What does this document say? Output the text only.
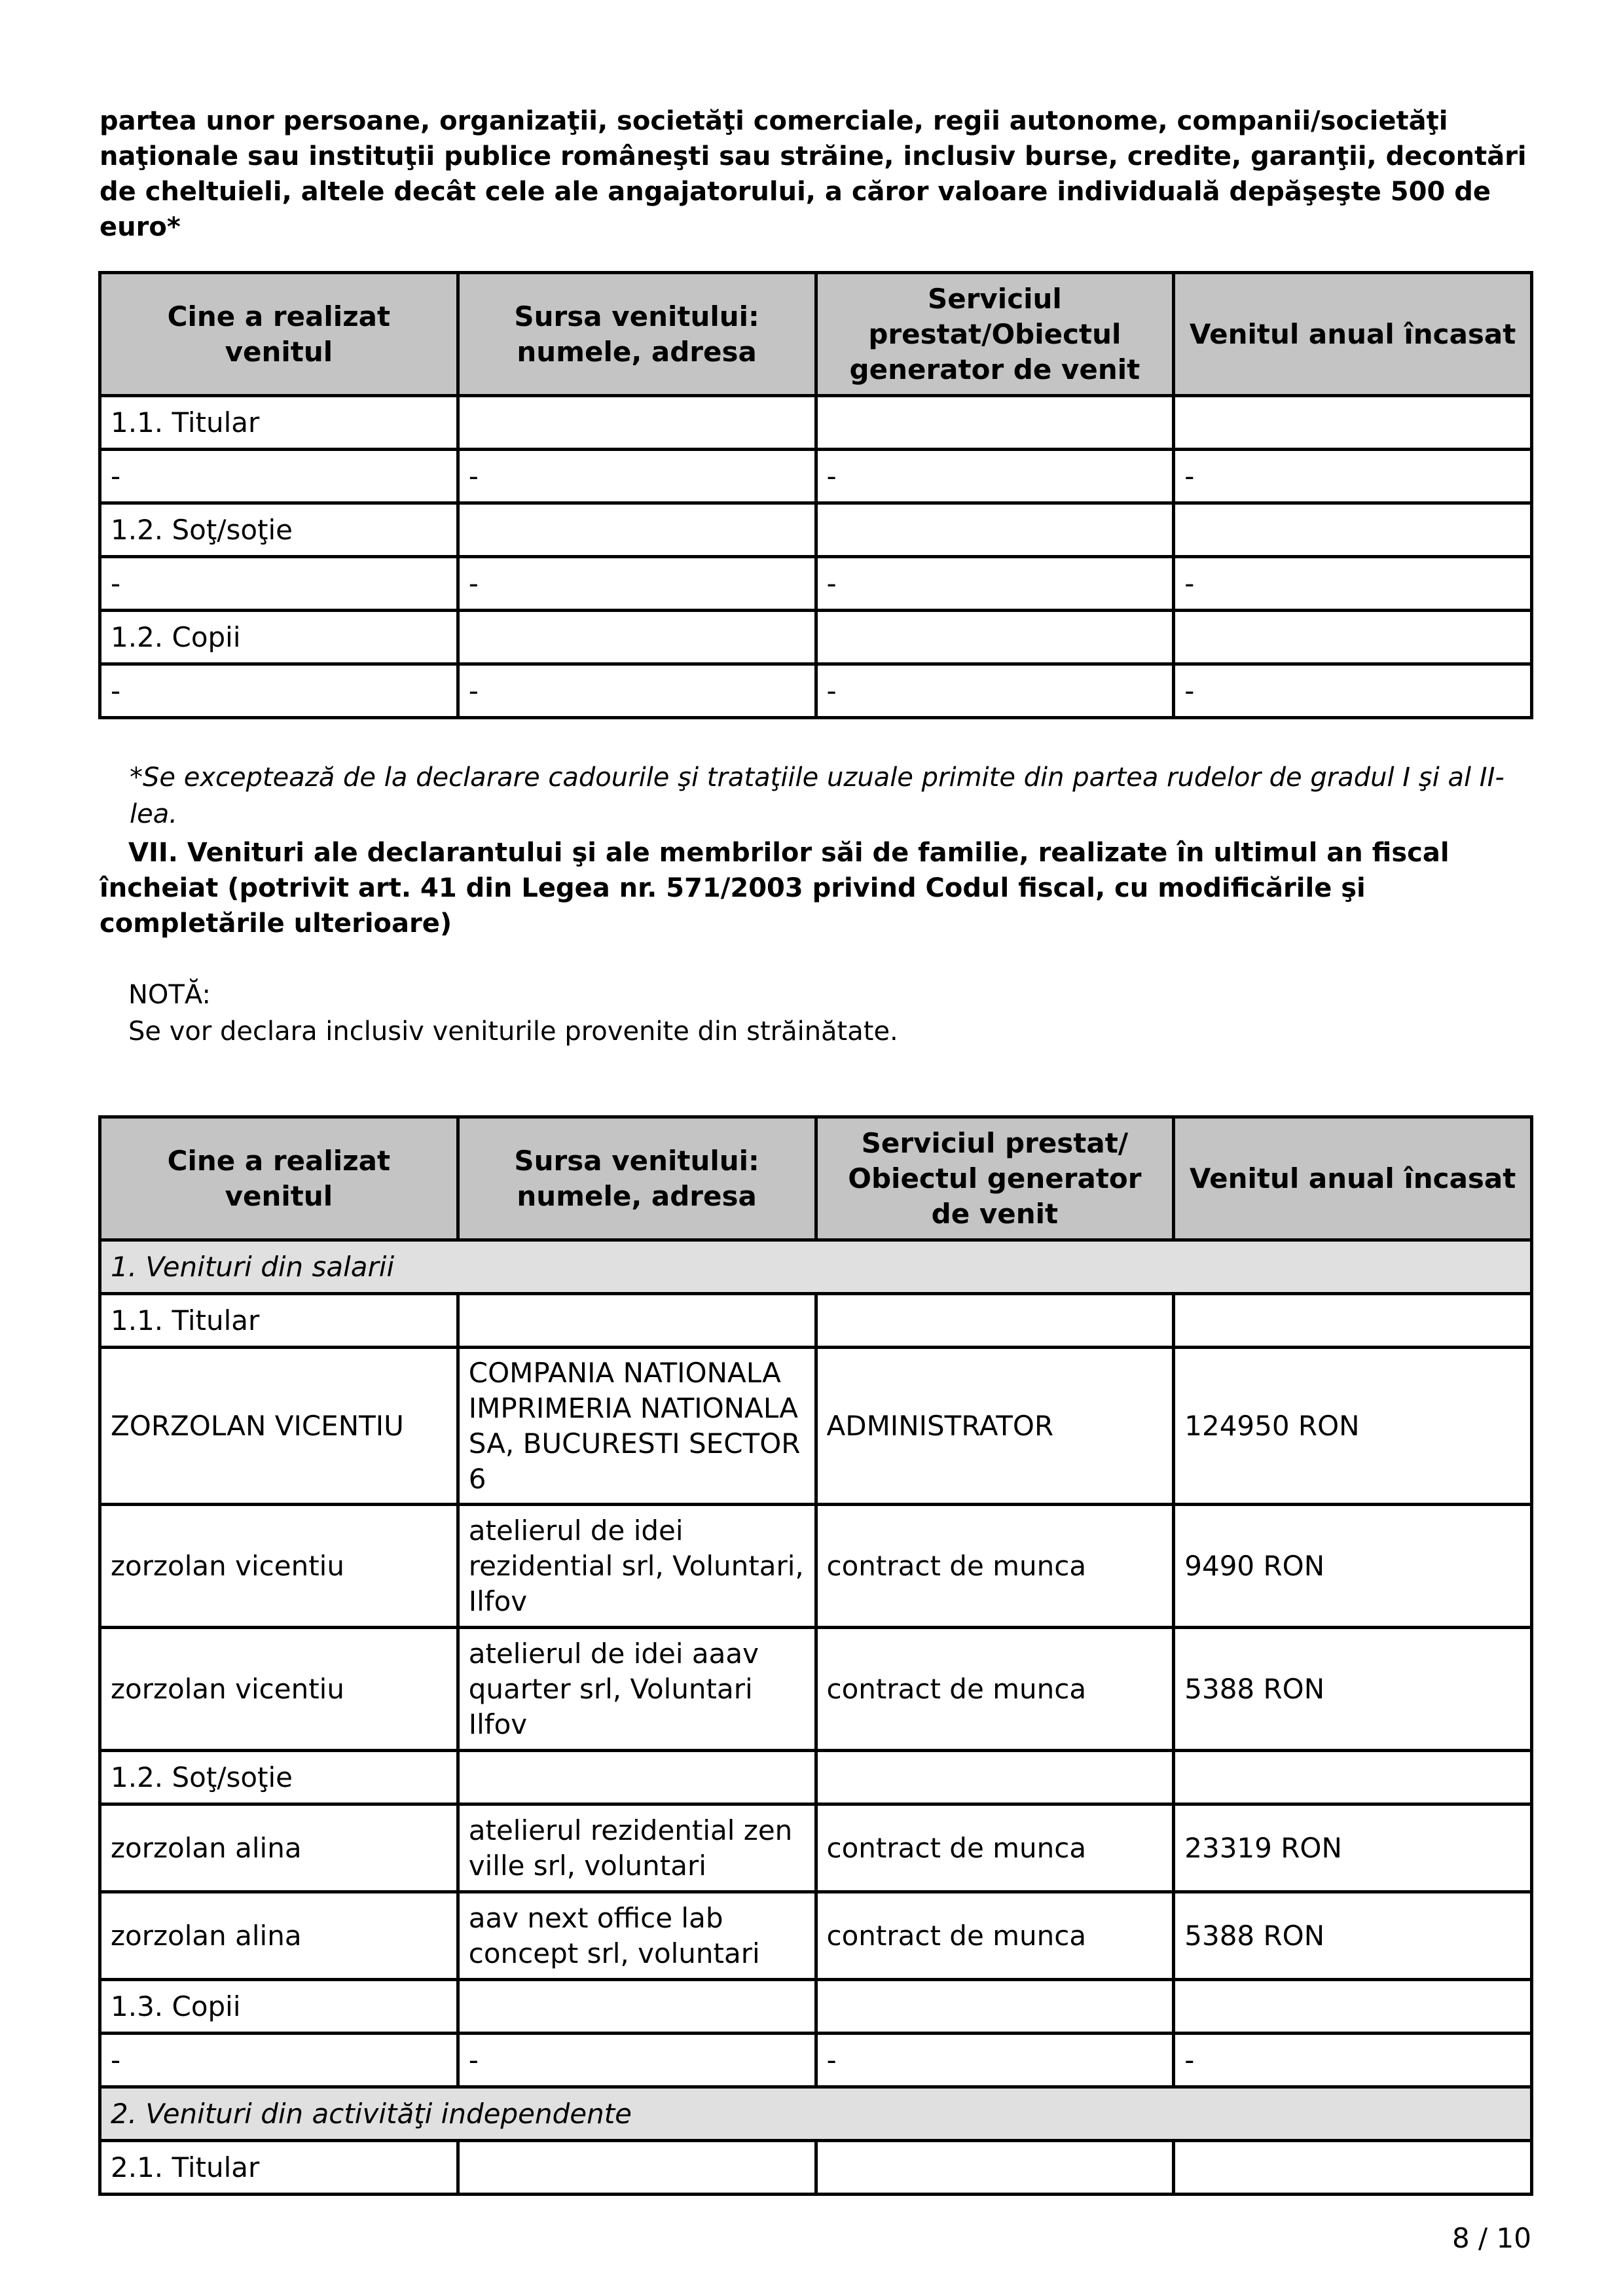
partea unor persoane, organizaţii, societăţi comerciale, regii autonome, companii/societăţi naţionale sau instituţii publice româneşti sau străine, inclusiv burse, credite, garanţii, decontări de cheltuieli, altele decât cele ale angajatorului, a căror valoare individuală depăşeşte 500 de euro*

Cine a realizat venitul	Sursa venitului: numele, adresa	Serviciul prestat/Obiectul generator de venit	Venitul anual încasat
1.1. Titular			
-	-	-	-
1.2. Soţ/soţie			
-	-	-	-
1.2. Copii			
-	-	-	-

*Se exceptează de la declarare cadourile şi trataţiile uzuale primite din partea rudelor de gradul I şi al II-lea.

VII. Venituri ale declarantului şi ale membrilor săi de familie, realizate în ultimul an fiscal încheiat (potrivit art. 41 din Legea nr. 571/2003 privind Codul fiscal, cu modificările şi completările ulterioare)

NOTĂ:

Se vor declara inclusiv veniturile provenite din străinătate.

Cine a realizat venitul	Sursa venitului: numele, adresa	Serviciul prestat/ Obiectul generator de venit	Venitul anual încasat
1. Venituri din salarii			
1.1. Titular			
ZORZOLAN VICENTIU	COMPANIA NATIONALA IMPRIMERIA NATIONALA SA, BUCURESTI SECTOR 6	ADMINISTRATOR	124950 RON
zorzolan vicentiu	atelierul de idei rezidential srl, Voluntari, Ilfov	contract de munca	9490 RON
zorzolan vicentiu	atelierul de idei aaav quarter srl, Voluntari Ilfov	contract de munca	5388 RON
1.2. Soţ/soţie			
zorzolan alina	atelierul rezidential zen ville srl, voluntari	contract de munca	23319 RON
zorzolan alina	aav next office lab concept srl, voluntari	contract de munca	5388 RON
1.3. Copii			
-	-	-	-
2. Venituri din activităţi independente			
2.1. Titular			
8 / 10
